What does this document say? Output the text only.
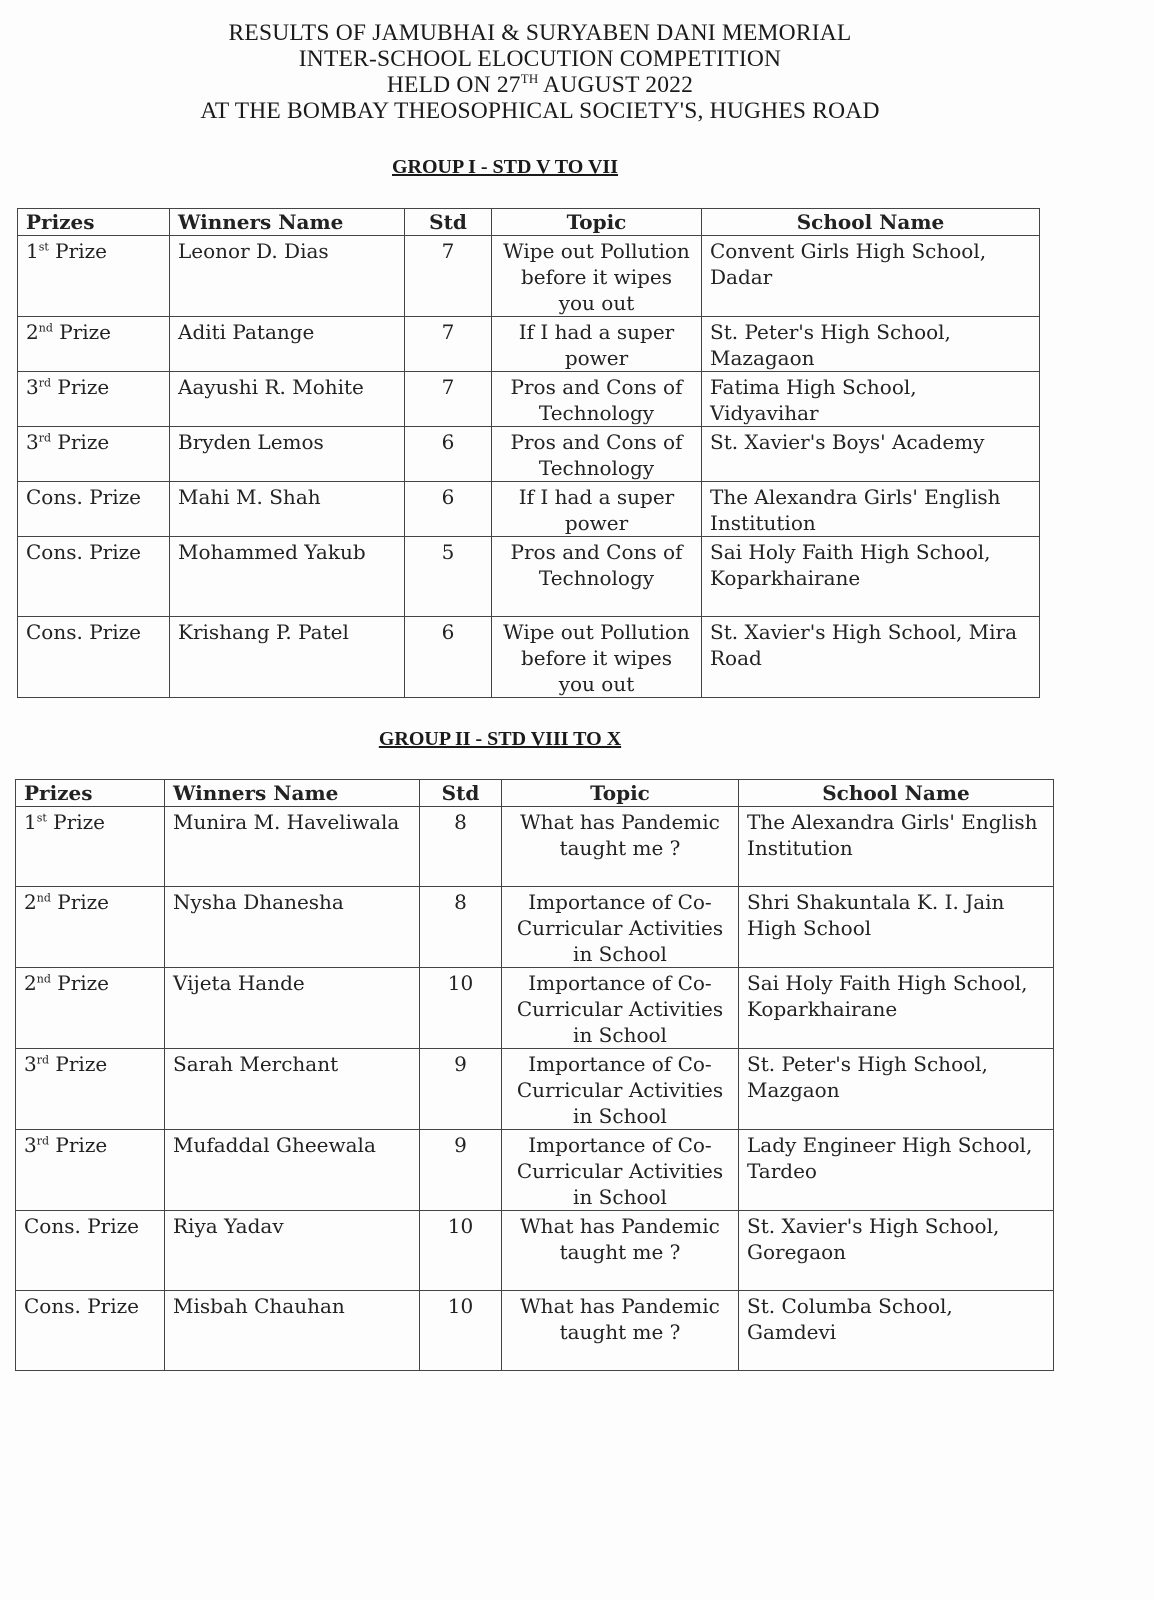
RESULTS OF JAMUBHAI & SURYABEN DANI MEMORIAL
INTER-SCHOOL ELOCUTION COMPETITION
HELD ON 27TH AUGUST 2022
AT THE BOMBAY THEOSOPHICAL SOCIETY'S, HUGHES ROAD
GROUP I - STD V TO VII
Prizes	Winners Name	Std	Topic	School Name
1st Prize	Leonor D. Dias	7	Wipe out Pollution before it wipes you out	Convent Girls High School, Dadar
2nd Prize	Aditi Patange	7	If I had a super power	St. Peter's High School, Mazagaon
3rd Prize	Aayushi R. Mohite	7	Pros and Cons of Technology	Fatima High School, Vidyavihar
3rd Prize	Bryden Lemos	6	Pros and Cons of Technology	St. Xavier's Boys' Academy
Cons. Prize	Mahi M. Shah	6	If I had a super power	The Alexandra Girls' English Institution
Cons. Prize	Mohammed Yakub	5	Pros and Cons of Technology	Sai Holy Faith High School, Koparkhairane
Cons. Prize	Krishang P. Patel	6	Wipe out Pollution before it wipes you out	St. Xavier's High School, Mira Road
GROUP II - STD VIII TO X
Prizes	Winners Name	Std	Topic	School Name
1st Prize	Munira M. Haveliwala	8	What has Pandemic taught me ?	The Alexandra Girls' English Institution
2nd Prize	Nysha Dhanesha	8	Importance of Co-Curricular Activities in School	Shri Shakuntala K. I. Jain High School
2nd Prize	Vijeta Hande	10	Importance of Co-Curricular Activities in School	Sai Holy Faith High School, Koparkhairane
3rd Prize	Sarah Merchant	9	Importance of Co-Curricular Activities in School	St. Peter's High School, Mazgaon
3rd Prize	Mufaddal Gheewala	9	Importance of Co-Curricular Activities in School	Lady Engineer High School, Tardeo
Cons. Prize	Riya Yadav	10	What has Pandemic taught me ?	St. Xavier's High School, Goregaon
Cons. Prize	Misbah Chauhan	10	What has Pandemic taught me ?	St. Columba School, Gamdevi
